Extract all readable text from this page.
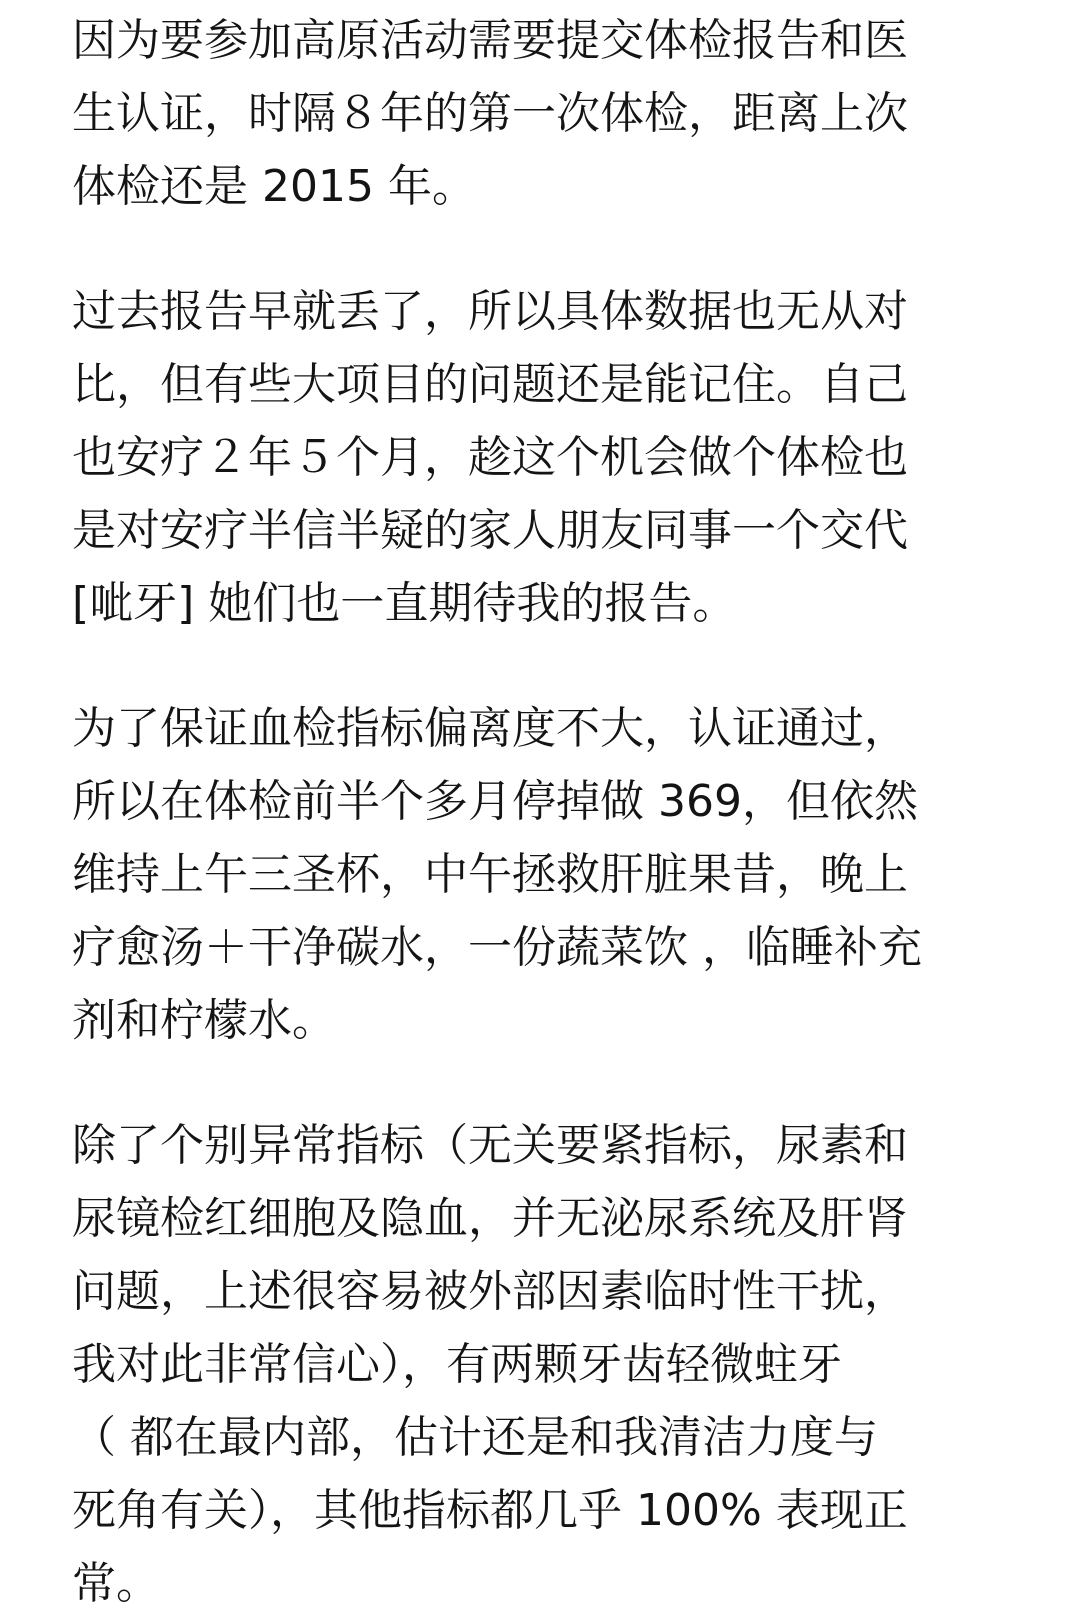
因为要参加高原活动需要提交体检报告和医
生认证，时隔８年的第一次体检，距离上次
体检还是 2015 年。
过去报告早就丢了，所以具体数据也无从对
比，但有些大项目的问题还是能记住。自己
也安疗２年５个月，趁这个机会做个体检也
是对安疗半信半疑的家人朋友同事一个交代
[呲牙] 她们也一直期待我的报告。
为了保证血检指标偏离度不大，认证通过，
所以在体检前半个多月停掉做 369，但依然
维持上午三圣杯，中午拯救肝脏果昔，晚上
疗愈汤＋干净碳水，一份蔬菜饮 ，临睡补充
剂和柠檬水。
除了个别异常指标（无关要紧指标，尿素和
尿镜检红细胞及隐血，并无泌尿系统及肝肾
问题，上述很容易被外部因素临时性干扰，
我对此非常信心），有两颗牙齿轻微蛀牙
（ 都在最内部，估计还是和我清洁力度与
死角有关），其他指标都几乎 100% 表现正
常。
